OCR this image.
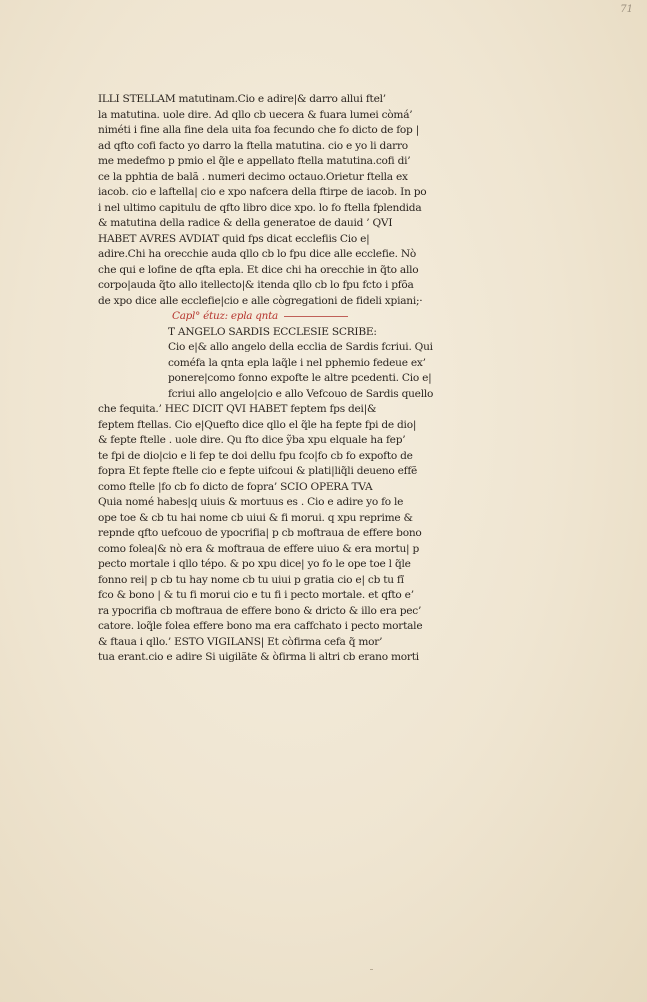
71
ILLI STELLAM matutinam.Cio e adire|& darro allui ftel’
la matutina. uole dire. Ad qllo cb uecera & fuara lumei còmá’
niméti i fine alla fine dela uita foa fecundo che fo dicto de fop |
ad qfto cofi facto yo darro la ftella matutina. cio e yo li darro
me medefmo p pmio el q̃le e appellato ftella matutina.cofi di’
ce la pphtia de balã . numeri decimo octauo.Orietur ftella ex
iacob. cio e laftella| cio e xpo nafcera della ftirpe de iacob. In po
i nel ultimo capitulu de qfto libro dice xpo. lo fo ftella fplendida
& matutina della radice & della generatoe de dauid ’ QVI
HABET AVRES AVDIAT quid fps dicat ecclefiis Cio e|
adire.Chi ha orecchie auda qllo cb lo fpu dice alle ecclefie. Nò
che qui e lofine de qfta epla. Et dice chi ha orecchie in q̃to allo
corpo|auda q̃to allo itellecto|& itenda qllo cb lo fpu fcto i pfõa
de xpo dice alle ecclefie|cio e alle cògregationi de fideli xpiani;·
Capl° étuz: epla qnta
T ANGELO SARDIS ECCLESIE SCRIBE:
Cio e|& allo angelo della ecclia de Sardis fcriui. Qui
coméfa la qnta epla laq̃le i nel pphemio fedeue ex’
ponere|como fonno expofte le altre pcedenti. Cio e|
fcriui allo angelo|cio e allo Vefcouo de Sardis quello
che fequita.’ HEC DICIT QVI HABET feptem fps dei|&
feptem ftellas. Cio e|Quefto dice qllo el q̃le ha fepte fpi de dio|
& fepte ftelle . uole dire. Qu fto dice ỹba xpu elquale ha fep’
te fpi de dio|cio e li fep te doi dellu fpu fco|fo cb fo expofto de
fopra Et fepte ftelle cio e fepte uifcoui & plati|liq̃li deueno effẽ
como ftelle |fo cb fo dicto de fopra’ SCIO OPERA TVA
Quia nomé habes|q uiuis & mortuus es . Cio e adire yo fo le
ope toe & cb tu hai nome cb uiui & fi morui. q xpu reprime &
repnde qfto uefcouo de ypocrifia| p cb moftraua de effere bono
como folea|& nò era & moftraua de effere uiuo & era mortu| p
pecto mortale i qllo tépo. & po xpu dice| yo fo le ope toe l q̃le
fonno rei| p cb tu hay nome cb tu uiui p gratia cio e| cb tu fĩ
fco & bono | & tu fi morui cio e tu fi i pecto mortale. et qfto e’
ra ypocrifia cb moftraua de effere bono & dricto & illo era pec’
catore. loq̃le folea effere bono ma era caffchato i pecto mortale
& ftaua i qllo.’ ESTO VIGILANS| Et còfirma cefa q̃ mor’
tua erant.cio e adire Si uigilãte & òfirma li altri cb erano morti
